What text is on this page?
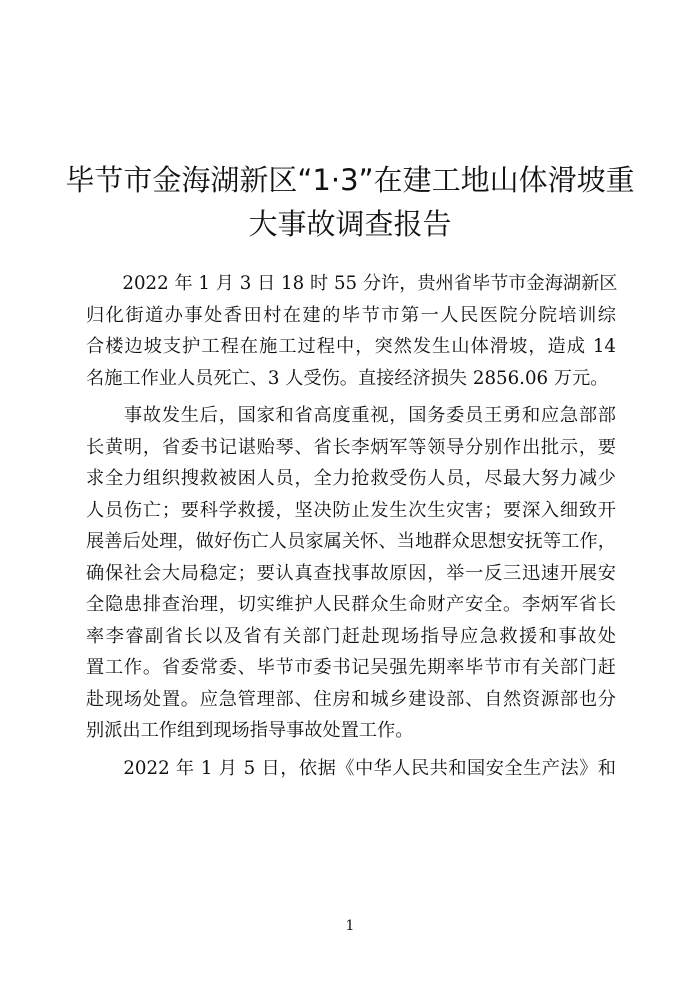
毕节市金海湖新区“1·3”在建工地山体滑坡重
大事故调查报告

　　2022 年 1 月 3 日 18 时 55 分许，贵州省毕节市金海湖新区
归化街道办事处香田村在建的毕节市第一人民医院分院培训综
合楼边坡支护工程在施工过程中，突然发生山体滑坡，造成 14
名施工作业人员死亡、3 人受伤。直接经济损失 2856.06 万元。

　　事故发生后，国家和省高度重视，国务委员王勇和应急部部
长黄明，省委书记谌贻琴、省长李炳军等领导分别作出批示，要
求全力组织搜救被困人员，全力抢救受伤人员，尽最大努力减少
人员伤亡；要科学救援，坚决防止发生次生灾害；要深入细致开
展善后处理，做好伤亡人员家属关怀、当地群众思想安抚等工作，
确保社会大局稳定；要认真查找事故原因，举一反三迅速开展安
全隐患排查治理，切实维护人民群众生命财产安全。李炳军省长
率李睿副省长以及省有关部门赶赴现场指导应急救援和事故处
置工作。省委常委、毕节市委书记吴强先期率毕节市有关部门赶
赴现场处置。应急管理部、住房和城乡建设部、自然资源部也分
别派出工作组到现场指导事故处置工作。

　　2022 年 1 月 5 日，依据《中华人民共和国安全生产法》和

1
